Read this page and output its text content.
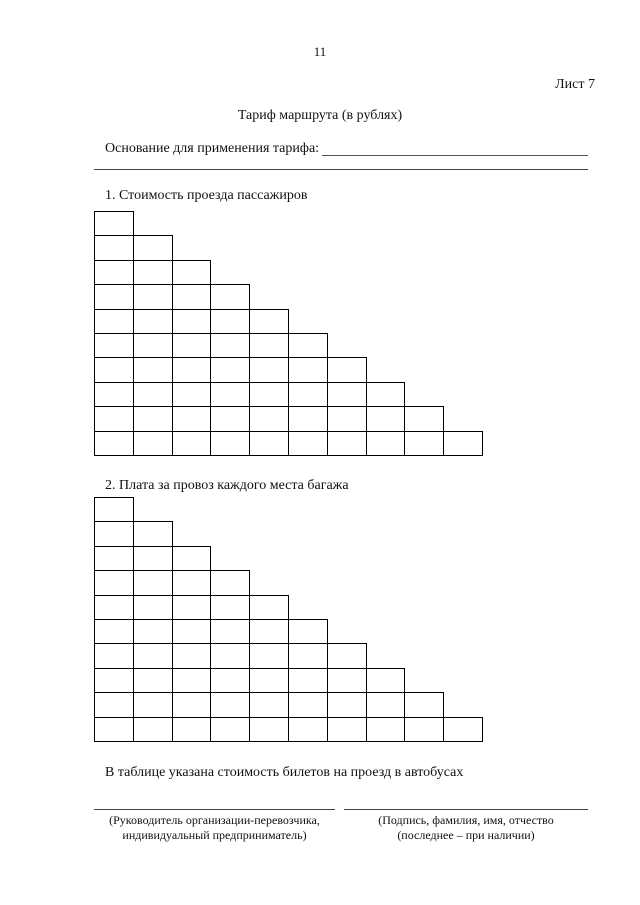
11
Лист 7
Тариф маршрута (в рублях)
Основание для применения тарифа:
1. Стоимость проезда пассажиров
2. Плата за провоз каждого места багажа
В таблице указана стоимость билетов на проезд в автобусах
(Руководитель организации-перевозчика,
индивидуальный предприниматель)
(Подпись, фамилия, имя, отчество
(последнее – при наличии)
